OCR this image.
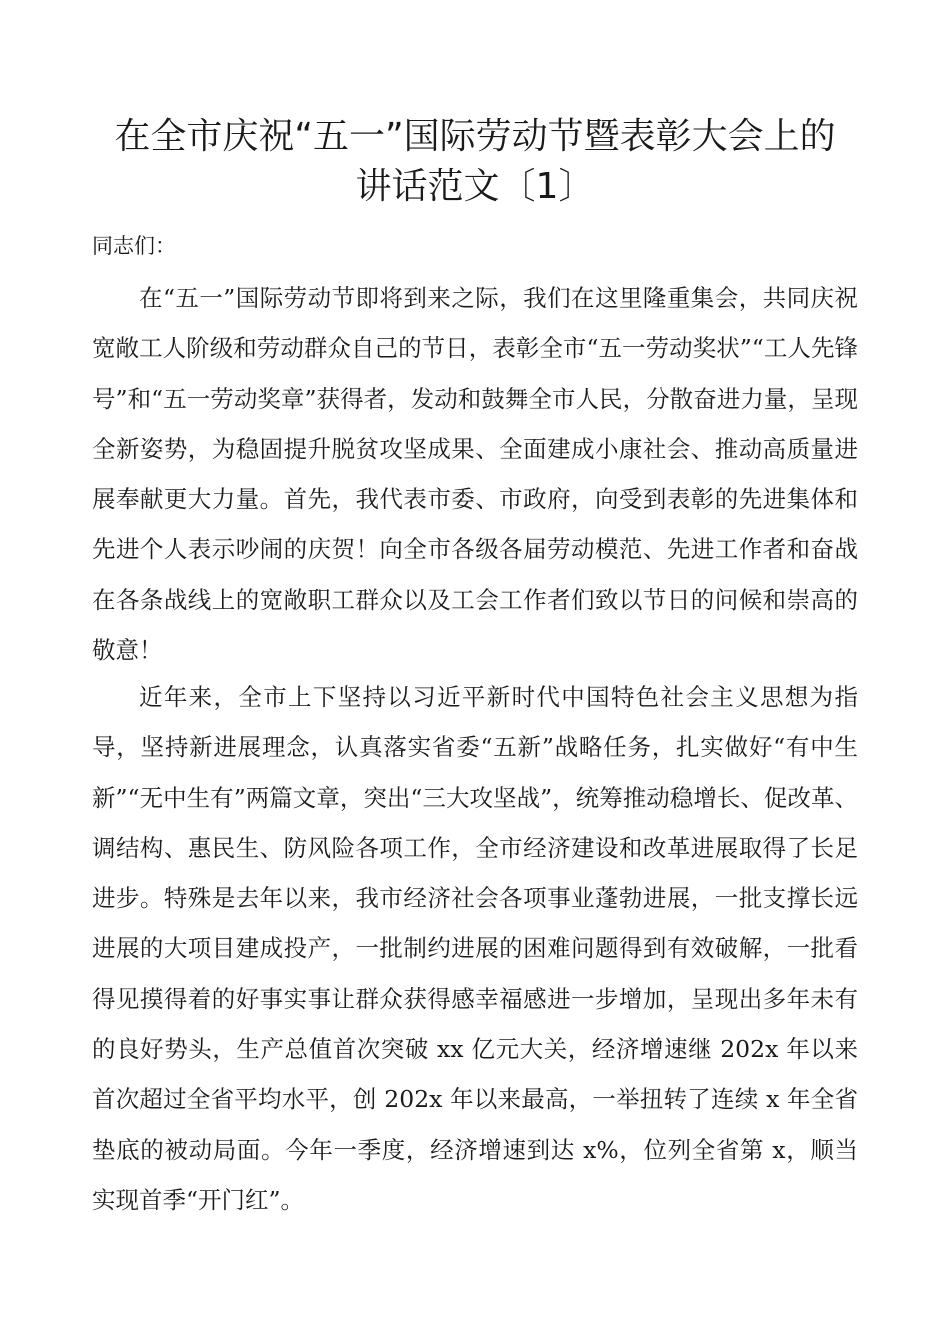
在全市庆祝“五一”国际劳动节暨表彰大会上的
讲话范文〔1〕
同志们：

在“五一”国际劳动节即将到来之际，我们在这里隆重集会，共同庆祝宽敞工人阶级和劳动群众自己的节日，表彰全市“五一劳动奖状”“工人先锋号”和“五一劳动奖章”获得者，发动和鼓舞全市人民，分散奋进力量，呈现全新姿势，为稳固提升脱贫攻坚成果、全面建成小康社会、推动高质量进展奉献更大力量。首先，我代表市委、市政府，向受到表彰的先进集体和先进个人表示吵闹的庆贺！向全市各级各届劳动模范、先进工作者和奋战在各条战线上的宽敞职工群众以及工会工作者们致以节日的问候和崇高的敬意！

近年来，全市上下坚持以习近平新时代中国特色社会主义思想为指导，坚持新进展理念，认真落实省委“五新”战略任务，扎实做好“有中生新”“无中生有”两篇文章，突出“三大攻坚战”，统筹推动稳增长、促改革、调结构、惠民生、防风险各项工作，全市经济建设和改革进展取得了长足进步。特殊是去年以来，我市经济社会各项事业蓬勃进展，一批支撑长远进展的大项目建成投产，一批制约进展的困难问题得到有效破解，一批看得见摸得着的好事实事让群众获得感幸福感进一步增加，呈现出多年未有的良好势头，生产总值首次突破 xx 亿元大关，经济增速继 202x 年以来首次超过全省平均水平，创 202x 年以来最高，一举扭转了连续 x 年全省垫底的被动局面。今年一季度，经济增速到达 x%，位列全省第 x，顺当实现首季“开门红”。
